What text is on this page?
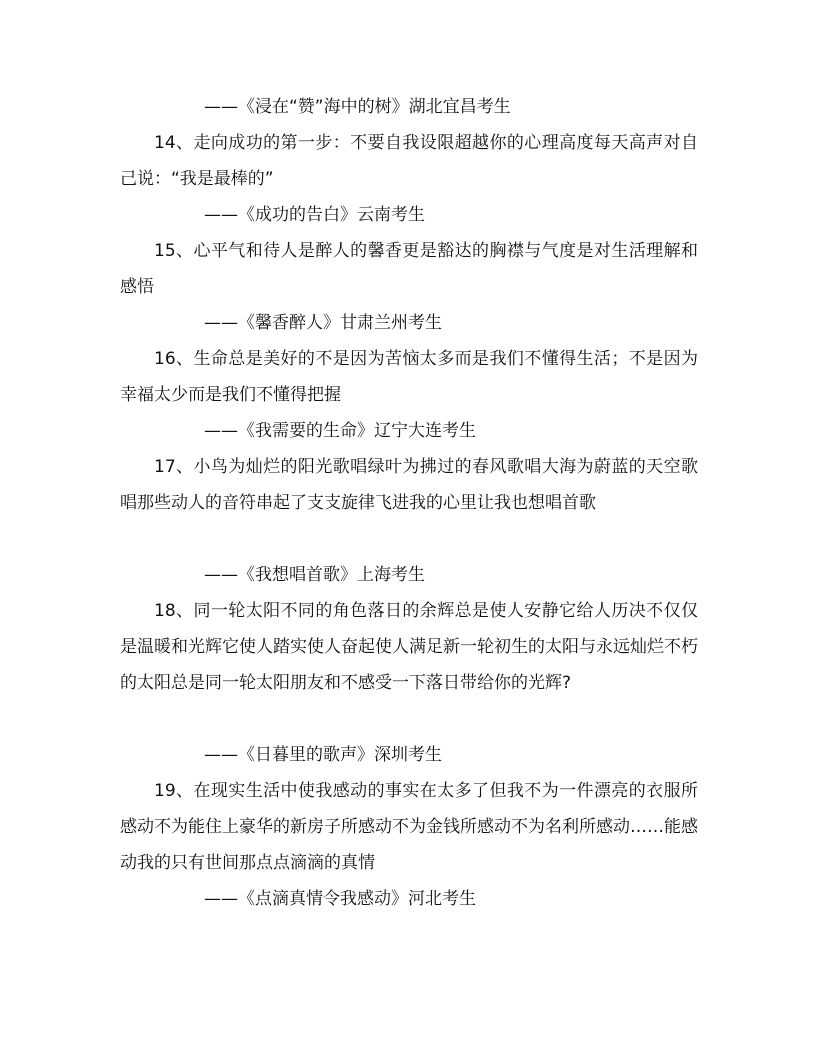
——《浸在“赞”海中的树》湖北宜昌考生

14、走向成功的第一步：不要自我设限超越你的心理高度每天高声对自己说：“我是最棒的”

——《成功的告白》云南考生

15、心平气和待人是醉人的馨香更是豁达的胸襟与气度是对生活理解和感悟

——《馨香醉人》甘肃兰州考生

16、生命总是美好的不是因为苦恼太多而是我们不懂得生活；不是因为幸福太少而是我们不懂得把握

——《我需要的生命》辽宁大连考生

17、小鸟为灿烂的阳光歌唱绿叶为拂过的春风歌唱大海为蔚蓝的天空歌唱那些动人的音符串起了支支旋律飞进我的心里让我也想唱首歌

——《我想唱首歌》上海考生

18、同一轮太阳不同的角色落日的余辉总是使人安静它给人历决不仅仅是温暖和光辉它使人踏实使人奋起使人满足新一轮初生的太阳与永远灿烂不朽的太阳总是同一轮太阳朋友和不感受一下落日带给你的光辉?

——《日暮里的歌声》深圳考生

19、在现实生活中使我感动的事实在太多了但我不为一件漂亮的衣服所感动不为能住上豪华的新房子所感动不为金钱所感动不为名利所感动……能感动我的只有世间那点点滴滴的真情

——《点滴真情令我感动》河北考生
